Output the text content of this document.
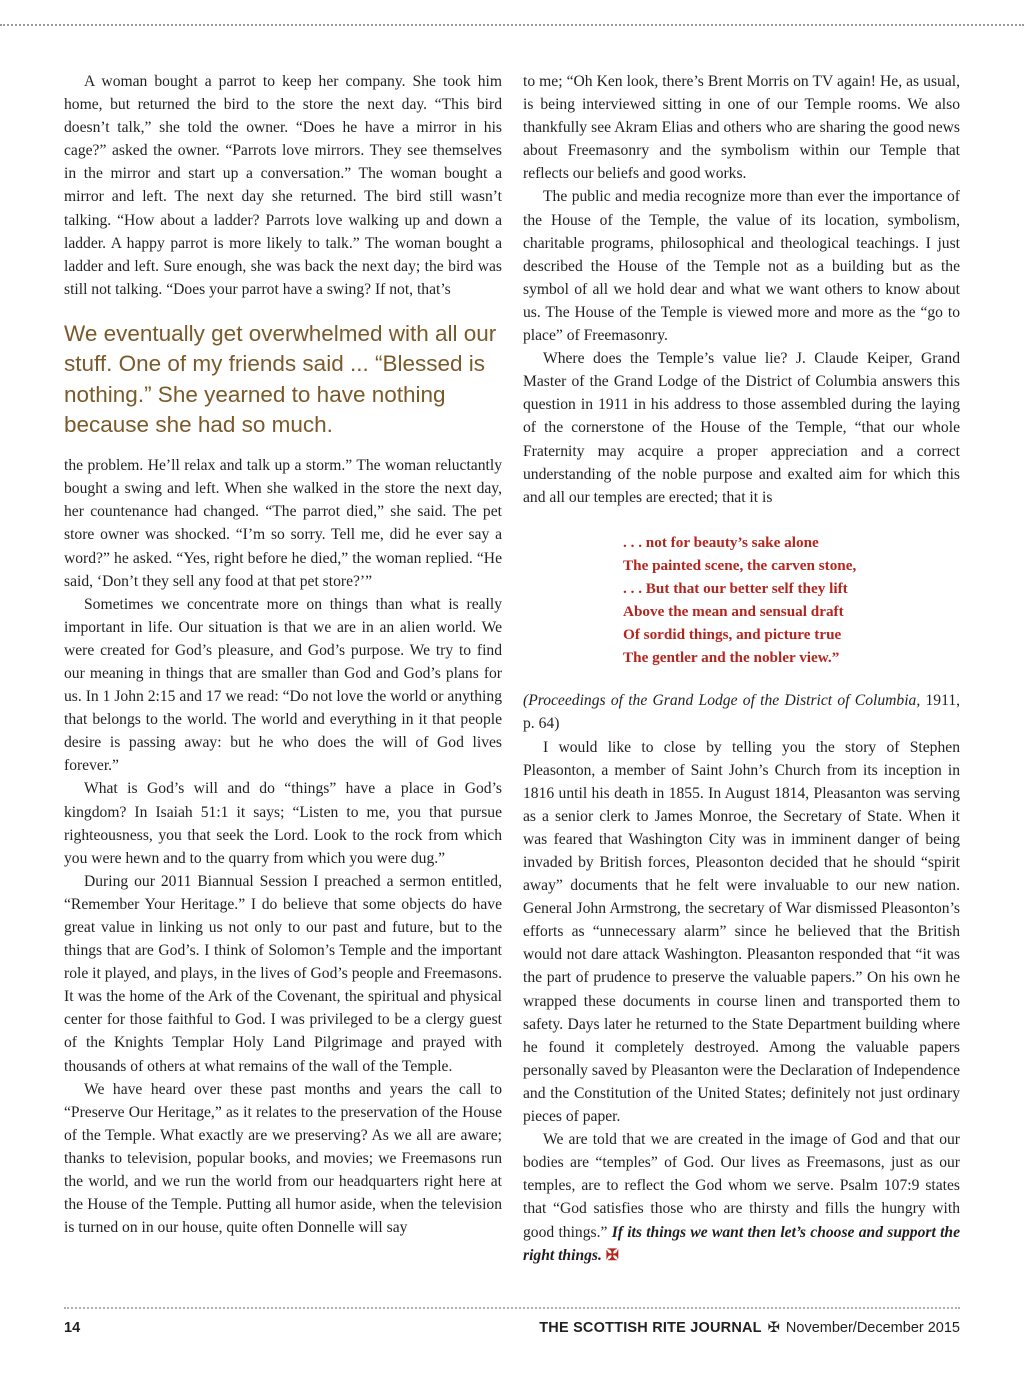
A woman bought a parrot to keep her company. She took him home, but returned the bird to the store the next day. “This bird doesn’t talk,” she told the owner. “Does he have a mirror in his cage?” asked the owner. “Parrots love mirrors. They see themselves in the mirror and start up a conversation.” The woman bought a mirror and left. The next day she returned. The bird still wasn’t talking. “How about a ladder? Parrots love walking up and down a ladder. A happy parrot is more likely to talk.” The woman bought a ladder and left. Sure enough, she was back the next day; the bird was still not talking. “Does your parrot have a swing? If not, that’s

We eventually get overwhelmed with all our stuff. One of my friends said ... “Blessed is nothing.” She yearned to have nothing because she had so much.

the problem. He’ll relax and talk up a storm.” The woman reluctantly bought a swing and left. When she walked in the store the next day, her countenance had changed. “The parrot died,” she said. The pet store owner was shocked. “I’m so sorry. Tell me, did he ever say a word?” he asked. “Yes, right before he died,” the woman replied. “He said, ‘Don’t they sell any food at that pet store?’”

Sometimes we concentrate more on things than what is really important in life. Our situation is that we are in an alien world. We were created for God’s pleasure, and God’s purpose. We try to find our meaning in things that are smaller than God and God’s plans for us. In 1 John 2:15 and 17 we read: “Do not love the world or anything that belongs to the world. The world and everything in it that people desire is passing away: but he who does the will of God lives forever.”

What is God’s will and do “things” have a place in God’s kingdom? In Isaiah 51:1 it says; “Listen to me, you that pursue righteousness, you that seek the Lord. Look to the rock from which you were hewn and to the quarry from which you were dug.”

During our 2011 Biannual Session I preached a sermon entitled, “Remember Your Heritage.” I do believe that some objects do have great value in linking us not only to our past and future, but to the things that are God’s. I think of Solomon’s Temple and the important role it played, and plays, in the lives of God’s people and Freemasons. It was the home of the Ark of the Covenant, the spiritual and physical center for those faithful to God. I was privileged to be a clergy guest of the Knights Templar Holy Land Pilgrimage and prayed with thousands of others at what remains of the wall of the Temple.

We have heard over these past months and years the call to “Preserve Our Heritage,” as it relates to the preservation of the House of the Temple. What exactly are we preserving? As we all are aware; thanks to television, popular books, and movies; we Freemasons run the world, and we run the world from our headquarters right here at the House of the Temple. Putting all humor aside, when the television is turned on in our house, quite often Donnelle will say

to me; “Oh Ken look, there’s Brent Morris on TV again! He, as usual, is being interviewed sitting in one of our Temple rooms. We also thankfully see Akram Elias and others who are sharing the good news about Freemasonry and the symbolism within our Temple that reflects our beliefs and good works.

The public and media recognize more than ever the importance of the House of the Temple, the value of its location, symbolism, charitable programs, philosophical and theological teachings. I just described the House of the Temple not as a building but as the symbol of all we hold dear and what we want others to know about us. The House of the Temple is viewed more and more as the “go to place” of Freemasonry.

Where does the Temple’s value lie? J. Claude Keiper, Grand Master of the Grand Lodge of the District of Columbia answers this question in 1911 in his address to those assembled during the laying of the cornerstone of the House of the Temple, “that our whole Fraternity may acquire a proper appreciation and a correct understanding of the noble purpose and exalted aim for which this and all our temples are erected; that it is

. . . not for beauty’s sake alone
The painted scene, the carven stone,
. . . But that our better self they lift
Above the mean and sensual draft
Of sordid things, and picture true
The gentler and the nobler view.”

(Proceedings of the Grand Lodge of the District of Columbia, 1911, p. 64)

I would like to close by telling you the story of Stephen Pleasonton, a member of Saint John’s Church from its inception in 1816 until his death in 1855. In August 1814, Pleasanton was serving as a senior clerk to James Monroe, the Secretary of State. When it was feared that Washington City was in imminent danger of being invaded by British forces, Pleasonton decided that he should “spirit away” documents that he felt were invaluable to our new nation. General John Armstrong, the secretary of War dismissed Pleasonton’s efforts as “unnecessary alarm” since he believed that the British would not dare attack Washington. Pleasanton responded that “it was the part of prudence to preserve the valuable papers.” On his own he wrapped these documents in course linen and transported them to safety. Days later he returned to the State Department building where he found it completely destroyed. Among the valuable papers personally saved by Pleasanton were the Declaration of Independence and the Constitution of the United States; definitely not just ordinary pieces of paper.

We are told that we are created in the image of God and that our bodies are “temples” of God. Our lives as Freemasons, just as our temples, are to reflect the God whom we serve. Psalm 107:9 states that “God satisfies those who are thirsty and fills the hungry with good things.” If its things we want then let’s choose and support the right things. ✠

14	THE SCOTTISH RITE JOURNAL ✠ November/December 2015
